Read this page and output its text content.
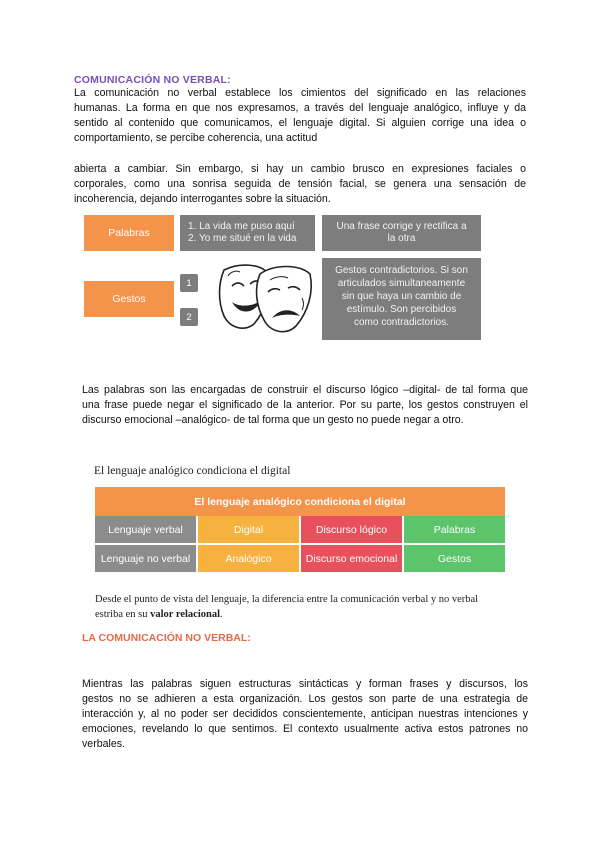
COMUNICACIÓN NO VERBAL:
La comunicación no verbal establece los cimientos del significado en las relaciones
humanas. La forma en que nos expresamos, a través del lenguaje analógico, influye y da
sentido al contenido que comunicamos, el lenguaje digital. Si alguien corrige una idea o
comportamiento, se percibe coherencia, una actitud
abierta a cambiar. Sin embargo, si hay un cambio brusco en expresiones faciales o
corporales, como una sonrisa seguida de tensión facial, se genera una sensación de
incoherencia, dejando interrogantes sobre la situación.
Palabras
1. La vida me puso aquí
2. Yo me situé en la vida
Una frase corrige y rectifica a
la otra
Gestos
1
2
Gestos contradictorios. Si son
articulados simultaneamente
sin que haya un cambio de
estímulo. Son percibidos
como contradictorios.
Las palabras son las encargadas de construir el discurso lógico –digital- de tal forma que
una frase puede negar el significado de la anterior. Por su parte, los gestos construyen el
discurso emocional –analógico- de tal forma que un gesto no puede negar a otro.
El lenguaje analógico condiciona el digital
El lenguaje analógico condiciona el digital
Lenguaje verbal	Digital	Discurso lógico	Palabras
Lenguaje no verbal	Analógico	Discurso emocional	Gestos
Desde el punto de vista del lenguaje, la diferencia entre la comunicación verbal y no verbal
estriba en su valor relacional.
LA COMUNICACIÓN NO VERBAL:
Mientras las palabras siguen estructuras sintácticas y forman frases y discursos, los
gestos no se adhieren a esta organización. Los gestos son parte de una estrategia de
interacción y, al no poder ser decididos conscientemente, anticipan nuestras intenciones y
emociones, revelando lo que sentimos. El contexto usualmente activa estos patrones no
verbales.
